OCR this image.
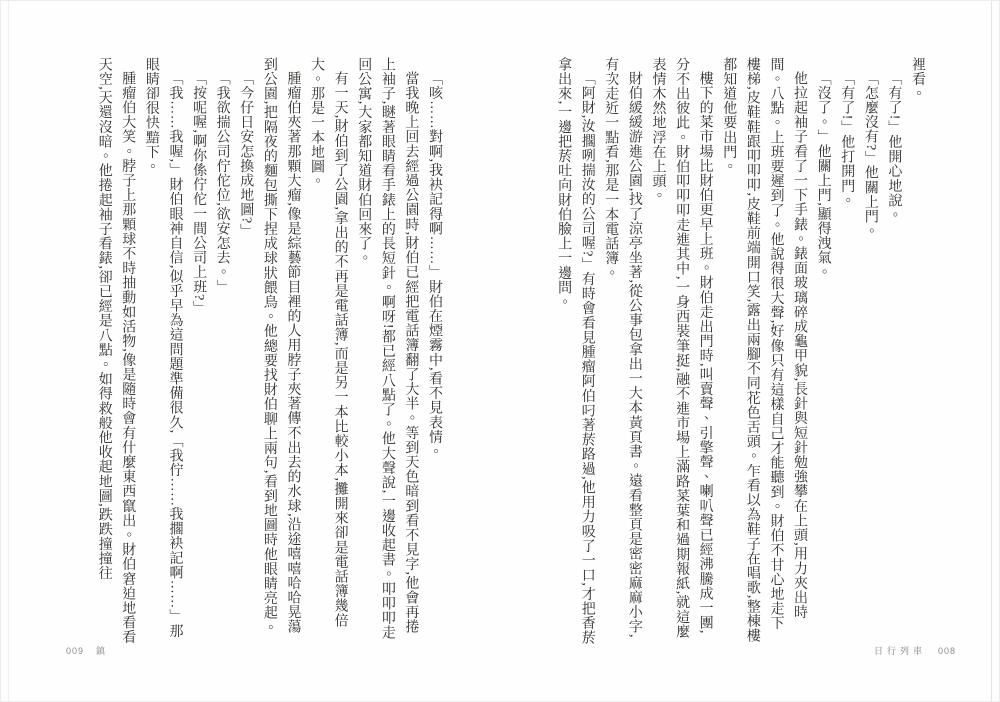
「咳……對啊,我袂記得啊……」財伯在煙霧中,看不見表情。

當我晚上回去經過公園時,財伯已經把電話簿翻了大半。等到天色暗到看不見字,他會再捲上袖子,瞇著眼睛看手錶上的長短針。啊呀!都已經八點了。他大聲說,一邊收起書。叩叩叩走回公寓,大家都知道財伯回來了。

有一天,財伯到了公園,拿出的不再是電話簿,而是另一本比較小本,攤開來卻是電話簿幾倍大。那是一本地圖。

腫瘤伯夾著那顆大瘤,像是綜藝節目裡的人用脖子夾著傳不出去的水球,沿途嘻嘻哈哈晃蕩到公園,把隔夜的麵包撕下捏成球狀餵鳥。他總要找財伯聊上兩句,看到地圖時他眼睛亮起。

「今仔日安怎換成地圖?」

「我欲揣公司佇佗位,欲安怎去。」

「按呢喔,啊你係佇佗一間公司上班?」

「我……我喔,」財伯眼神自信,似乎早為這問題準備很久,「我佇……我擱袂記啊……」那眼睛卻很快黯下。

腫瘤伯大笑。脖子上那顆球不時抽動如活物,像是隨時會有什麼東西竄出。財伯窘迫地看看天空,天還沒暗。他捲起袖子看錶,卻已經是八點。如得救般他收起地圖,跌跌撞撞往

009 鎮

裡看。

「有了!」他開心地說。

「怎麼沒有?」他關上門。

「有了!」他打開門。

「沒了。」他關上門,顯得洩氣。

他拉起袖子看了一下手錶。錶面玻璃碎成龜甲貌,長針與短針勉強攀在上頭,用力夾出時間。八點。上班要遲到了。他說得很大聲,好像只有這樣自己才能聽到。財伯不甘心地走下樓梯,皮鞋鞋跟叩叩叩,皮鞋前端開口笑,露出兩腳不同花色舌頭。乍看以為鞋子在唱歌,整棟樓都知道他要出門。

樓下的菜市場比財伯更早上班。財伯走出門時,叫賣聲、引擎聲、喇叭聲已經沸騰成一團,分不出彼此。財伯叩叩叩走進其中,一身西裝筆挺,融不進市場上滿路菜葉和過期報紙,就這麼表情木然地浮在上頭。

財伯緩緩游進公園,找了涼亭坐著,從公事包拿出一大本黃頁書。遠看整頁是密密麻麻小字,有次走近一點看,那是一本電話簿。

「阿財,汝擱咧揣汝的公司喔?」有時會看見腫瘤阿伯叼著菸路過,他用力吸了一口,才把香菸拿出來,一邊把菸吐向財伯臉上一邊問。

日行列車 008
